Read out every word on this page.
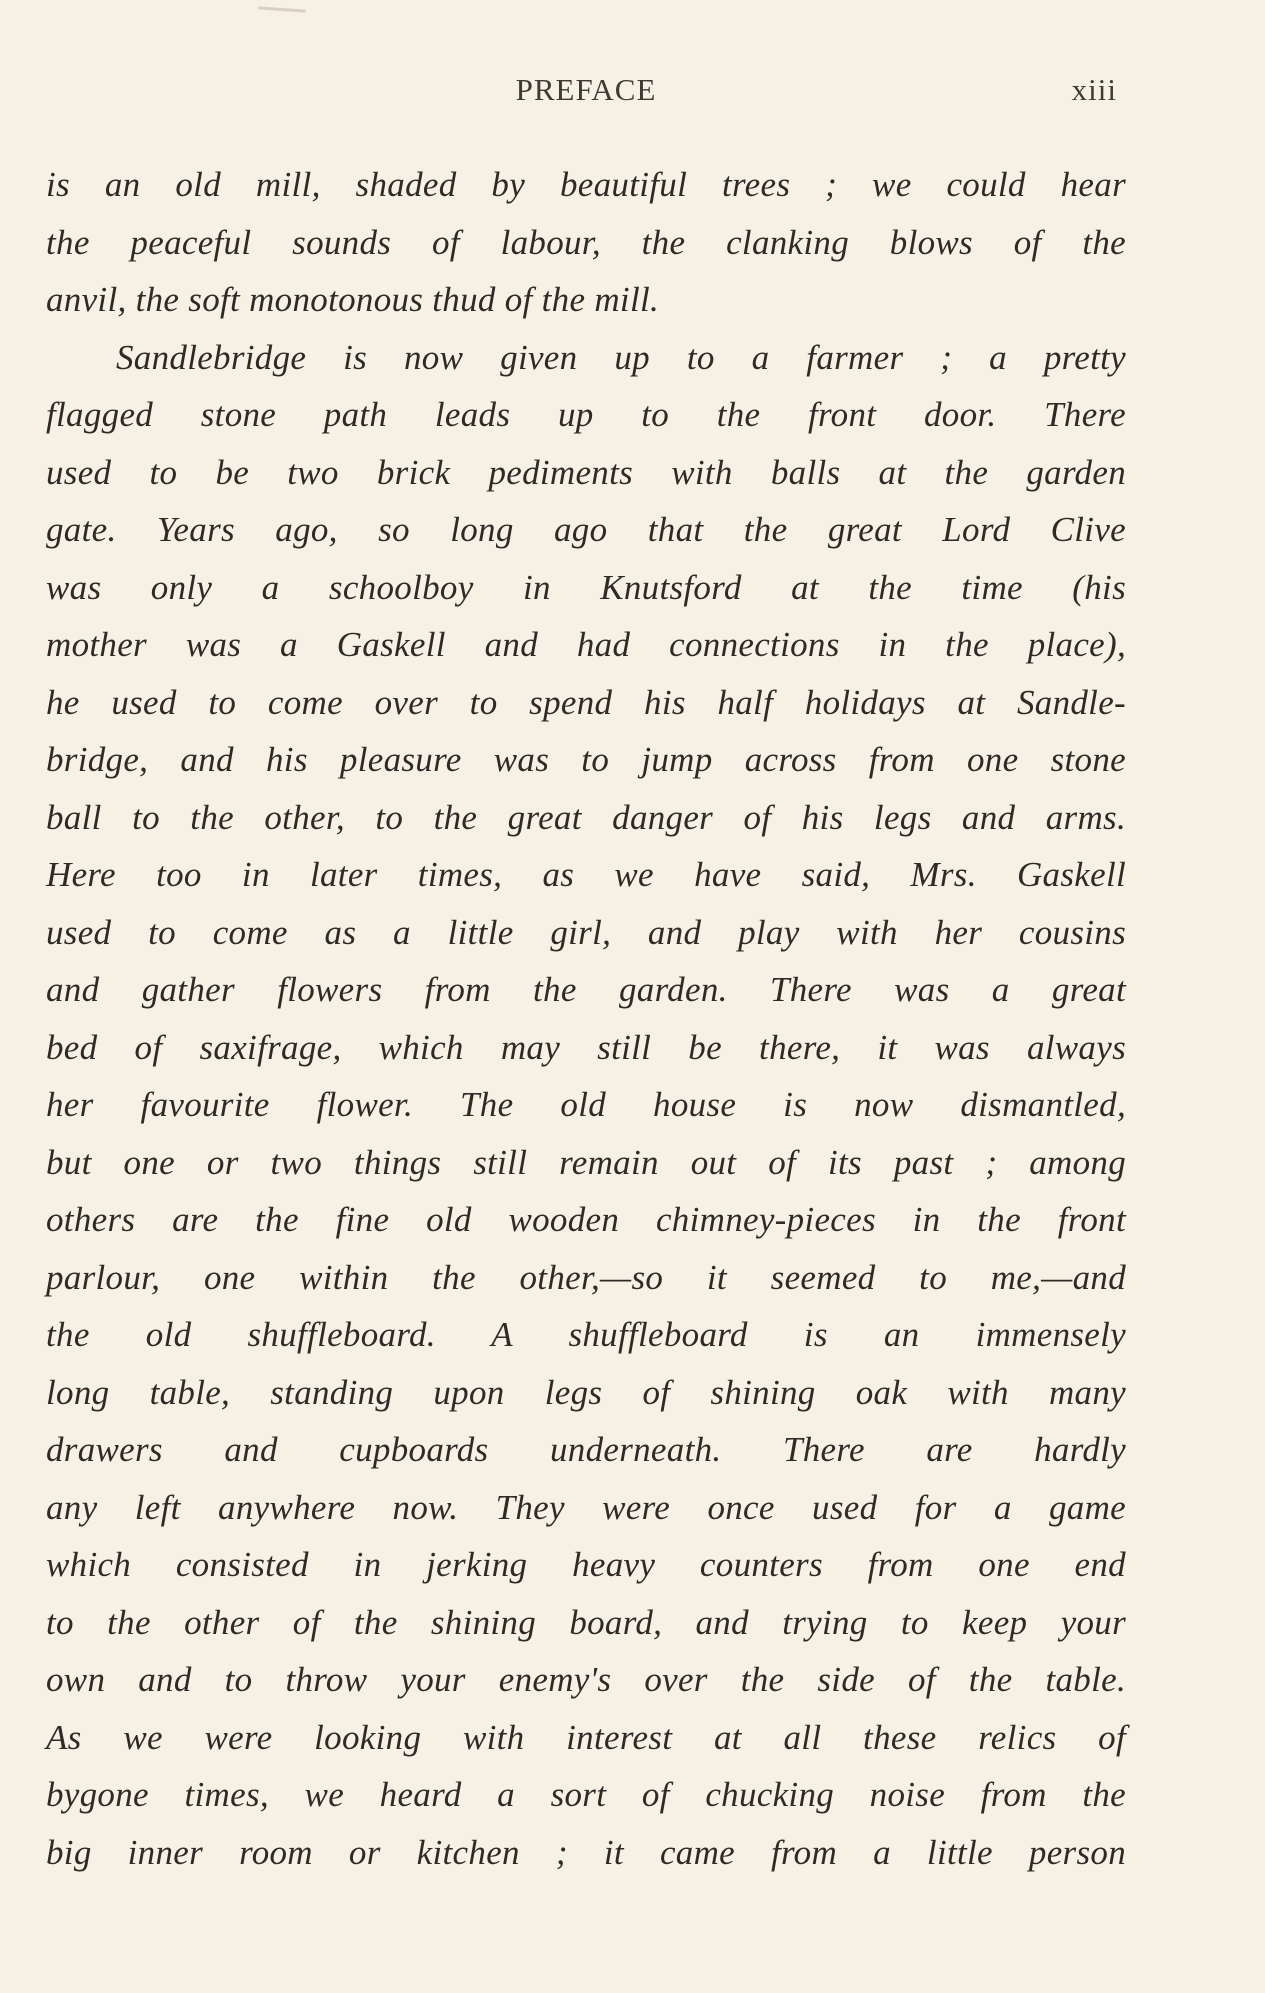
PREFACE	xiii
is an old mill, shaded by beautiful trees ; we could hear
the peaceful sounds of labour, the clanking blows of the
anvil, the soft monotonous thud of the mill.
Sandlebridge is now given up to a farmer ; a pretty
flagged stone path leads up to the front door. There
used to be two brick pediments with balls at the garden
gate. Years ago, so long ago that the great Lord Clive
was only a schoolboy in Knutsford at the time (his
mother was a Gaskell and had connections in the place),
he used to come over to spend his half holidays at Sandle-
bridge, and his pleasure was to jump across from one stone
ball to the other, to the great danger of his legs and arms.
Here too in later times, as we have said, Mrs. Gaskell
used to come as a little girl, and play with her cousins
and gather flowers from the garden. There was a great
bed of saxifrage, which may still be there, it was always
her favourite flower. The old house is now dismantled,
but one or two things still remain out of its past ; among
others are the fine old wooden chimney-pieces in the front
parlour, one within the other,—so it seemed to me,—and
the old shuffleboard. A shuffleboard is an immensely
long table, standing upon legs of shining oak with many
drawers and cupboards underneath. There are hardly
any left anywhere now. They were once used for a game
which consisted in jerking heavy counters from one end
to the other of the shining board, and trying to keep your
own and to throw your enemy's over the side of the table.
As we were looking with interest at all these relics of
bygone times, we heard a sort of chucking noise from the
big inner room or kitchen ; it came from a little person
